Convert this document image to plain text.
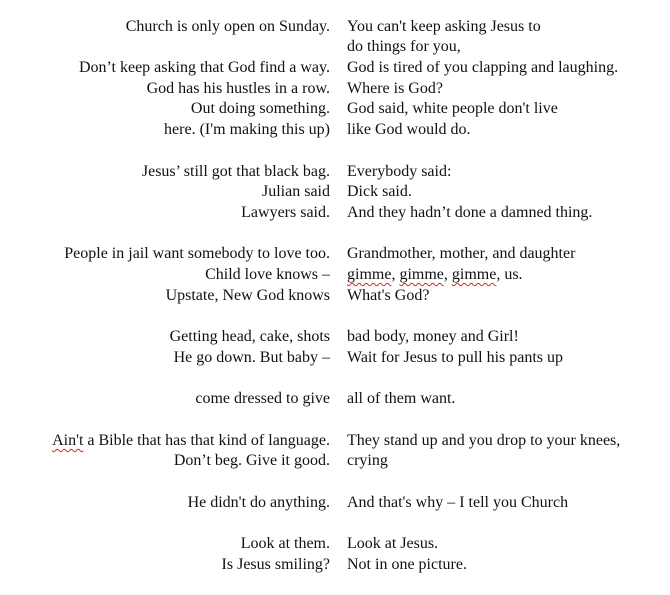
Church is only open on Sunday.
Don’t keep asking that God find a way.
God has his hustles in a row.
Out doing something.
here. (I'm making this up)
Jesus’ still got that black bag.
Julian said
Lawyers said.
People in jail want somebody to love too.
Child love knows –
Upstate, New God knows
Getting head, cake, shots
He go down. But baby –
come dressed to give
Ain't a Bible that has that kind of language.
Don’t beg. Give it good.
He didn't do anything.
Look at them.
Is Jesus smiling?
You can't keep asking Jesus to
do things for you,
God is tired of you clapping and laughing.
Where is God?
God said, white people don't live
like God would do.
Everybody said:
Dick said.
And they hadn’t done a damned thing.
Grandmother, mother, and daughter
gimme, gimme, gimme, us.
What's God?
bad body, money and Girl!
Wait for Jesus to pull his pants up
all of them want.
They stand up and you drop to your knees,
crying
And that's why – I tell you Church
Look at Jesus.
Not in one picture.
